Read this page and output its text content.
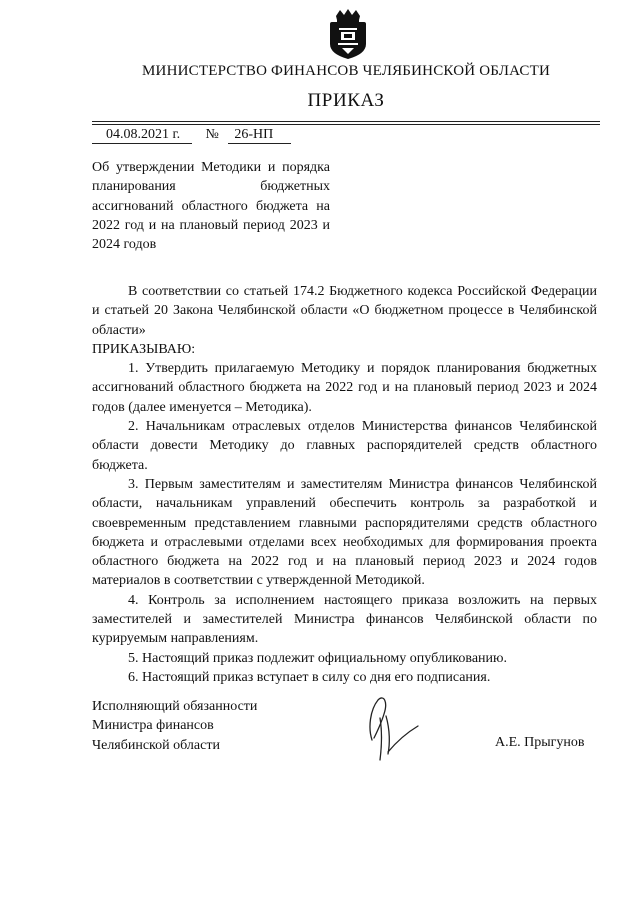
МИНИСТЕРСТВО ФИНАНСОВ ЧЕЛЯБИНСКОЙ ОБЛАСТИ
ПРИКАЗ
04.08.2021 г. № 26-НП
Об утверждении Методики и порядка планирования бюджетных ассигнований областного бюджета на 2022 год и на плановый период 2023 и 2024 годов

В соответствии со статьей 174.2 Бюджетного кодекса Российской Федерации и статьей 20 Закона Челябинской области «О бюджетном процессе в Челябинской области»

ПРИКАЗЫВАЮ:

1. Утвердить прилагаемую Методику и порядок планирования бюджетных ассигнований областного бюджета на 2022 год и на плановый период 2023 и 2024 годов (далее именуется – Методика).

2. Начальникам отраслевых отделов Министерства финансов Челябинской области довести Методику до главных распорядителей средств областного бюджета.

3. Первым заместителям и заместителям Министра финансов Челябинской области, начальникам управлений обеспечить контроль за разработкой и своевременным представлением главными распорядителями средств областного бюджета и отраслевыми отделами всех необходимых для формирования проекта областного бюджета на 2022 год и на плановый период 2023 и 2024 годов материалов в соответствии с утвержденной Методикой.

4. Контроль за исполнением настоящего приказа возложить на первых заместителей и заместителей Министра финансов Челябинской области по курируемым направлениям.

5. Настоящий приказ подлежит официальному опубликованию.

6. Настоящий приказ вступает в силу со дня его подписания.

Исполняющий обязанности
Министра финансов
Челябинской области	А.Е. Прыгунов
